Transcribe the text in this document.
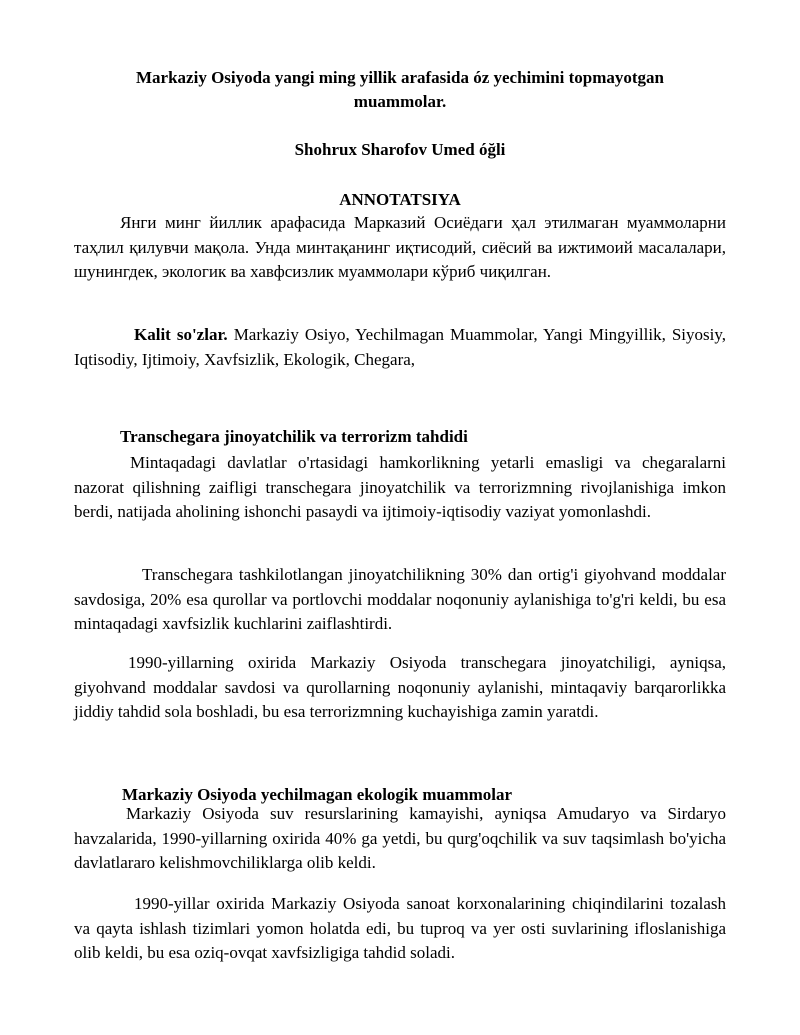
Markaziy Osiyoda yangi ming yillik arafasida óz yechimini topmayotgan muammolar.
Shohrux Sharofov Umed óğli
ANNOTATSIYA

Янги минг йиллик арафасида Марказий Осиёдаги ҳал этилмаган муаммоларни таҳлил қилувчи мақола. Унда минтақанинг иқтисодий, сиёсий ва ижтимоий масалалари, шунингдек, экологик ва хавфсизлик муаммолари кўриб чиқилган.

Kalit so'zlar. Markaziy Osiyo, Yechilmagan Muammolar, Yangi Mingyillik, Siyosiy, Iqtisodiy, Ijtimoiy, Xavfsizlik, Ekologik, Chegara,

Transchegara jinoyatchilik va terrorizm tahdidi

Mintaqadagi davlatlar o'rtasidagi hamkorlikning yetarli emasligi va chegaralarni nazorat qilishning zaifligi transchegara jinoyatchilik va terrorizmning rivojlanishiga imkon berdi, natijada aholining ishonchi pasaydi va ijtimoiy-iqtisodiy vaziyat yomonlashdi.

Transchegara tashkilotlangan jinoyatchilikning 30% dan ortig'i giyohvand moddalar savdosiga, 20% esa qurollar va portlovchi moddalar noqonuniy aylanishiga to'g'ri keldi, bu esa mintaqadagi xavfsizlik kuchlarini zaiflashtirdi.

1990-yillarning oxirida Markaziy Osiyoda transchegara jinoyatchiligi, ayniqsa, giyohvand moddalar savdosi va qurollarning noqonuniy aylanishi, mintaqaviy barqarorlikka jiddiy tahdid sola boshladi, bu esa terrorizmning kuchayishiga zamin yaratdi.

Markaziy Osiyoda yechilmagan ekologik muammolar

Markaziy Osiyoda suv resurslarining kamayishi, ayniqsa Amudaryo va Sirdaryo havzalarida, 1990-yillarning oxirida 40% ga yetdi, bu qurg'oqchilik va suv taqsimlash bo'yicha davlatlararo kelishmovchiliklarga olib keldi.

1990-yillar oxirida Markaziy Osiyoda sanoat korxonalarining chiqindilarini tozalash va qayta ishlash tizimlari yomon holatda edi, bu tuproq va yer osti suvlarining ifloslanishiga olib keldi, bu esa oziq-ovqat xavfsizligiga tahdid soladi.
